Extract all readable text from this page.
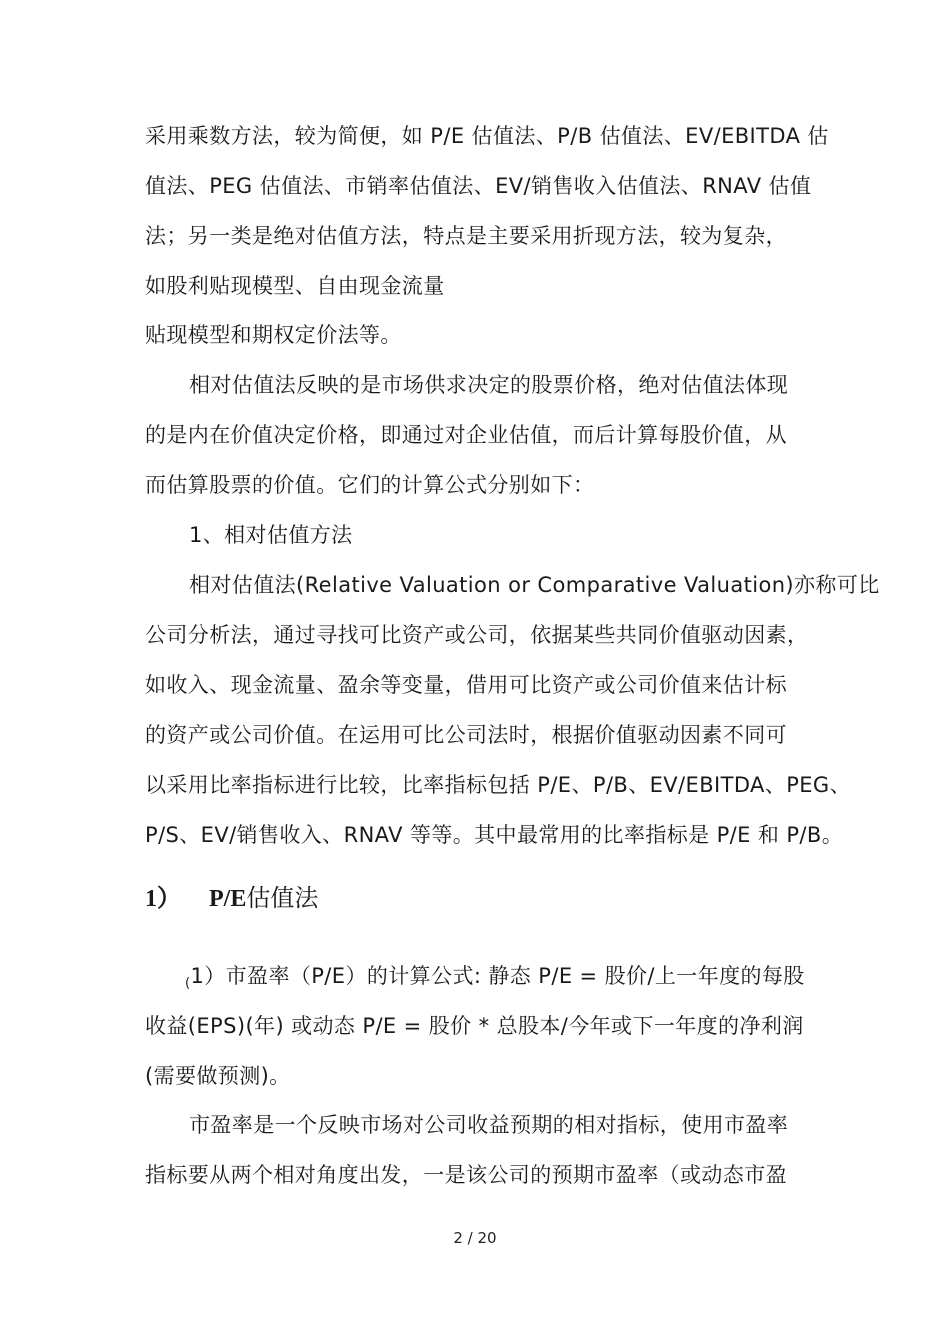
采用乘数方法，较为简便，如 P/E 估值法、P/B 估值法、EV/EBITDA 估
值法、PEG 估值法、市销率估值法、EV/销售收入估值法、RNAV 估值
法；另一类是绝对估值方法，特点是主要采用折现方法，较为复杂，
如股利贴现模型、自由现金流量
贴现模型和期权定价法等。
相对估值法反映的是市场供求决定的股票价格，绝对估值法体现
的是内在价值决定价格，即通过对企业估值，而后计算每股价值，从
而估算股票的价值。它们的计算公式分别如下：
1、相对估值方法
相对估值法(Relative Valuation or Comparative Valuation)亦称可比
公司分析法，通过寻找可比资产或公司，依据某些共同价值驱动因素，
如收入、现金流量、盈余等变量，借用可比资产或公司价值来估计标
的资产或公司价值。在运用可比公司法时，根据价值驱动因素不同可
以采用比率指标进行比较，比率指标包括 P/E、P/B、EV/EBITDA、PEG、
P/S、EV/销售收入、RNAV 等等。其中最常用的比率指标是 P/E 和 P/B。
1） P/E估值法
(1）市盈率（P/E）的计算公式: 静态 P/E = 股价/上一年度的每股
收益(EPS)(年) 或动态 P/E = 股价 * 总股本/今年或下一年度的净利润
(需要做预测)。
市盈率是一个反映市场对公司收益预期的相对指标，使用市盈率
指标要从两个相对角度出发，一是该公司的预期市盈率（或动态市盈
2 / 20
